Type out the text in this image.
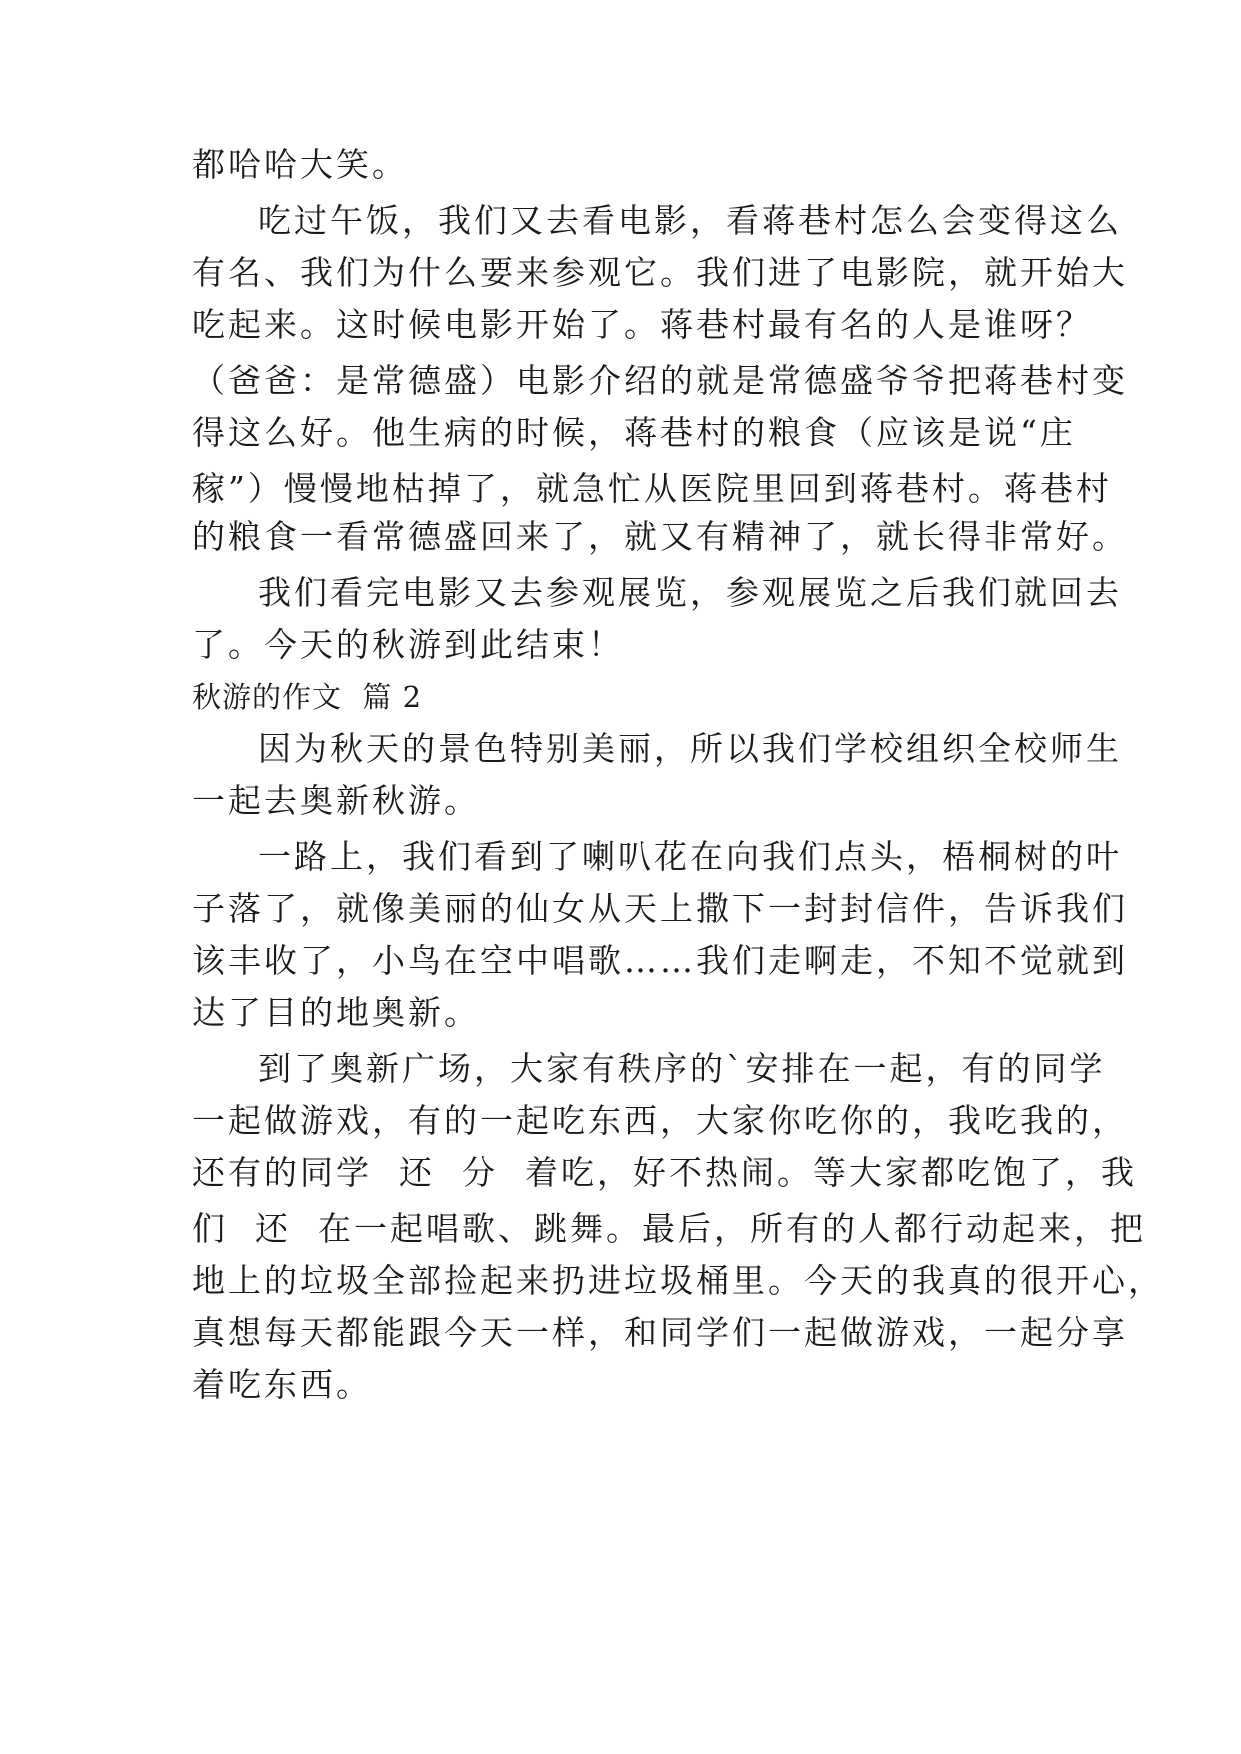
都哈哈大笑。
吃过午饭，我们又去看电影，看蒋巷村怎么会变得这么
有名、我们为什么要来参观它。我们进了电影院，就开始大
吃起来。这时候电影开始了。蒋巷村最有名的人是谁呀？
（爸爸：是常德盛）电影介绍的就是常德盛爷爷把蒋巷村变
得这么好。他生病的时候，蒋巷村的粮食（应该是说“庄
稼”）慢慢地枯掉了，就急忙从医院里回到蒋巷村。蒋巷村
的粮食一看常德盛回来了，就又有精神了，就长得非常好。
我们看完电影又去参观展览，参观展览之后我们就回去
了。今天的秋游到此结束！
秋游的作文  篇 2
因为秋天的景色特别美丽，所以我们学校组织全校师生
一起去奥新秋游。
一路上，我们看到了喇叭花在向我们点头，梧桐树的叶
子落了，就像美丽的仙女从天上撒下一封封信件，告诉我们
该丰收了，小鸟在空中唱歌……我们走啊走，不知不觉就到
达了目的地奥新。
到了奥新广场，大家有秩序的`安排在一起，有的同学
一起做游戏，有的一起吃东西，大家你吃你的，我吃我的，
还有的同学  还  分  着吃，好不热闹。等大家都吃饱了，我
们  还  在一起唱歌、跳舞。最后，所有的人都行动起来，把
地上的垃圾全部捡起来扔进垃圾桶里。今天的我真的很开心，
真想每天都能跟今天一样，和同学们一起做游戏，一起分享
着吃东西。
